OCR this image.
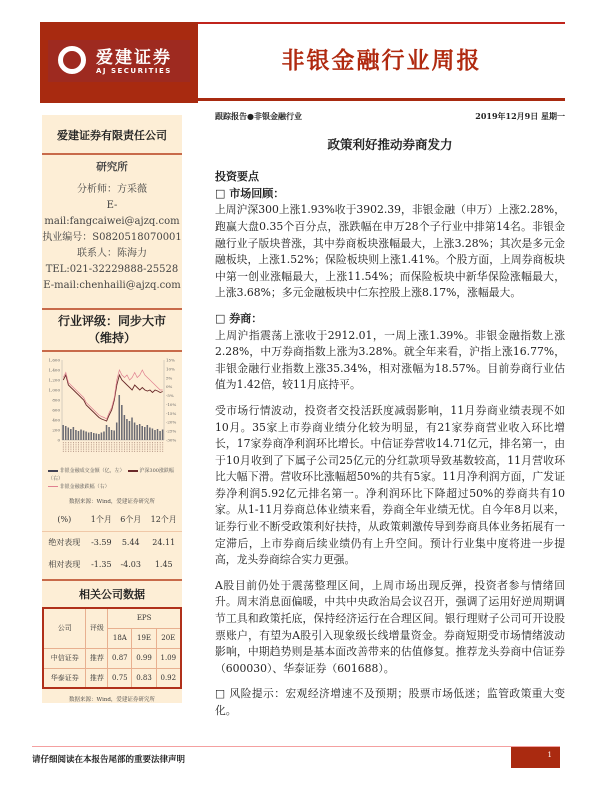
爱建证券
AJ SECURITIES	非银金融行业周报
爱建证券有限责任公司
研究所
分析师：方采薇
E-mail:fangcaiwei@ajzq.com
执业编号：S0820518070001
联系人：陈海力
TEL:021-32229888-25528
E-mail:chenhaili@ajzq.com
行业评级：同步大市
（维持）
1,600
1,400
1,200
1,000
800
600
400
200
0
15%
10%
5%
0%
-5%
-10%
-15%
-20%
-25%
-30%
非银金融成交金额（亿，左）	沪深300涨跌幅（右）
非银金融涨跌幅（右）
数据来源：Wind，爱建证券研究所
(%)	1个月	6个月	12个月
绝对表现	-3.59	5.44	24.11
相对表现	-1.35	-4.03	1.45
相关公司数据
公司	评级	EPS		
		18A	19E	20E
中信证券	推荐	0.87	0.99	1.09
华泰证券	推荐	0.75	0.83	0.92
数据来源：Wind，爱建证券研究所
跟踪报告●非银金融行业	2019年12月9日 星期一
政策利好推动券商发力
投资要点
□ 市场回顾：
上周沪深300上涨1.93%收于3902.39，非银金融（申万）上涨2.28%，跑赢大盘0.35个百分点，涨跌幅在申万28个子行业中排第14名。非银金融行业子版块普涨，其中券商板块涨幅最大，上涨3.28%；其次是多元金融板块，上涨1.52%；保险板块则上涨1.41%。个股方面，上周券商板块中第一创业涨幅最大，上涨11.54%；而保险板块中新华保险涨幅最大，上涨3.68%；多元金融板块中仁东控股上涨8.17%，涨幅最大。
□ 券商：
上周沪指震荡上涨收于2912.01，一周上涨1.39%。非银金融指数上涨2.28%，中万券商指数上涨为3.28%。就全年来看，沪指上涨16.77%，非银金融行业指数上涨35.34%，相对涨幅为18.57%。目前券商行业估值为1.42倍，较11月底持平。
受市场行情波动，投资者交投活跃度减弱影响，11月券商业绩表现不如10月。35家上市券商业绩分化较为明显，有21家券商营业收入环比增长，17家券商净利润环比增长。中信证券营收14.71亿元，排名第一，由于10月收到了下属子公司25亿元的分红款项导致基数较高，11月营收环比大幅下滑。营收环比涨幅超50%的共有5家。11月净利润方面，广发证券净利润5.92亿元排名第一。净利润环比下降超过50%的券商共有10家。从1-11月券商总体业绩来看，券商全年业绩无忧。自今年8月以来，证券行业不断受政策利好扶持，从政策刺激传导到券商具体业务拓展有一定滞后，上市券商后续业绩仍有上升空间。预计行业集中度将进一步提高，龙头券商综合实力更强。
A股目前仍处于震荡整理区间，上周市场出现反弹，投资者参与情绪回升。周末消息面偏暖，中共中央政治局会议召开，强调了运用好逆周期调节工具和政策托底，保持经济运行在合理区间。银行理财子公司可开设股票账户，有望为A股引入现象级长线增量资金。券商短期受市场情绪波动影响，中期趋势则是基本面改善带来的估值修复。推荐龙头券商中信证券（600030）、华泰证券（601688）。
□ 风险提示：宏观经济增速不及预期；股票市场低迷；监管政策重大变化。
请仔细阅读在本报告尾部的重要法律声明	1
